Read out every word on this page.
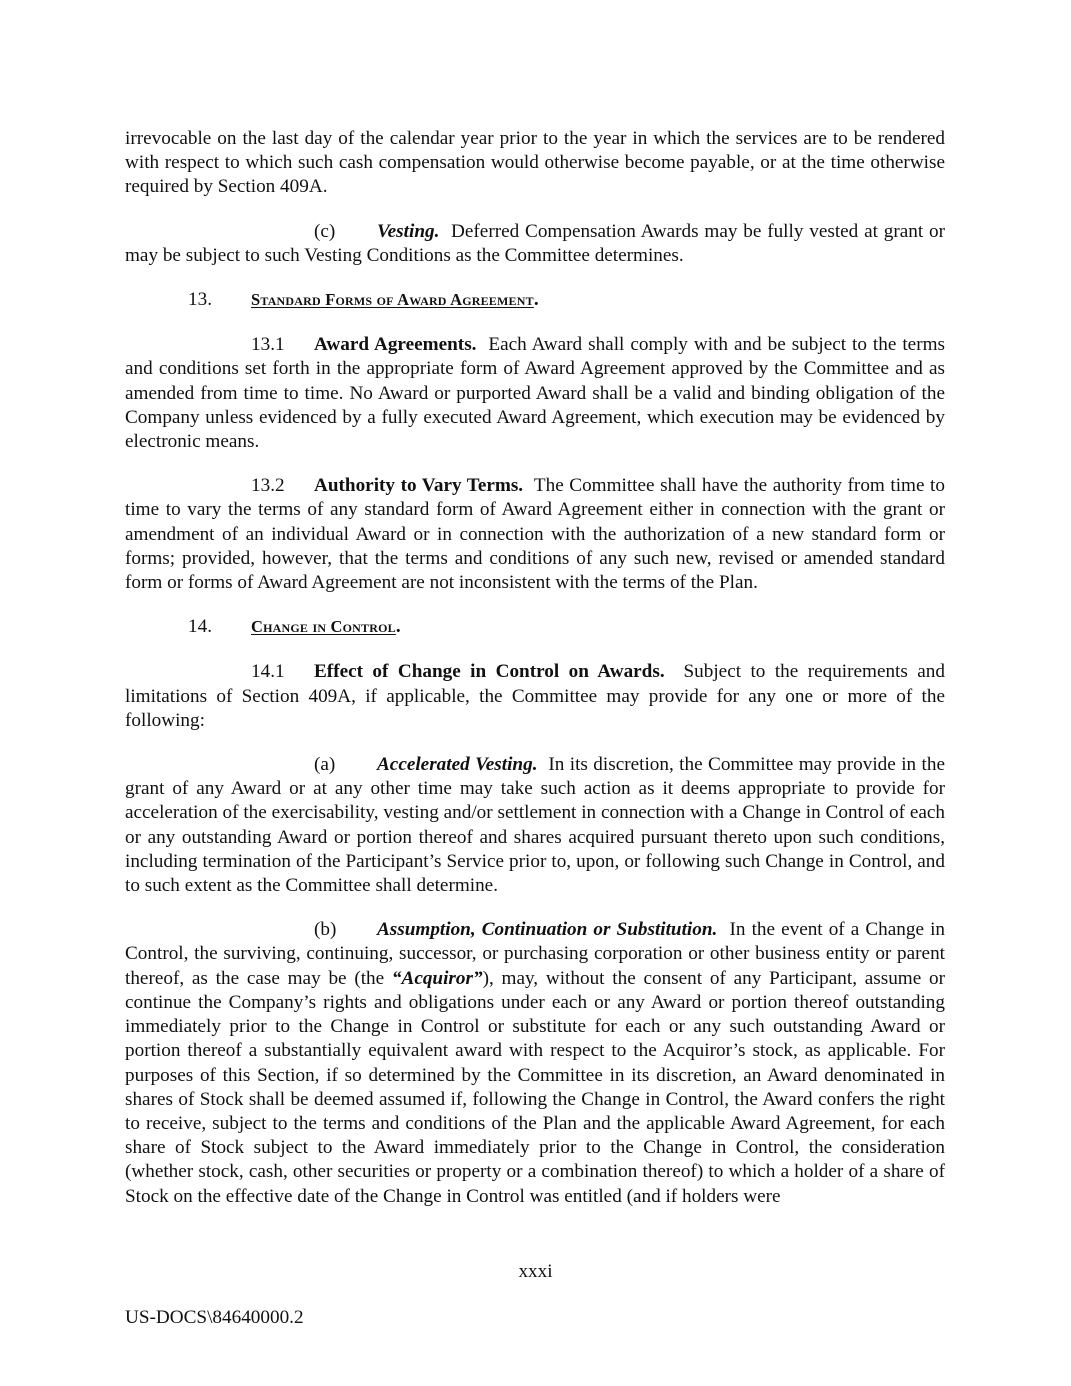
irrevocable on the last day of the calendar year prior to the year in which the services are to be rendered with respect to which such cash compensation would otherwise become payable, or at the time otherwise required by Section 409A.

(c) Vesting. Deferred Compensation Awards may be fully vested at grant or may be subject to such Vesting Conditions as the Committee determines.

13. Standard Forms of Award Agreement.

13.1 Award Agreements. Each Award shall comply with and be subject to the terms and conditions set forth in the appropriate form of Award Agreement approved by the Committee and as amended from time to time. No Award or purported Award shall be a valid and binding obligation of the Company unless evidenced by a fully executed Award Agreement, which execution may be evidenced by electronic means.

13.2 Authority to Vary Terms. The Committee shall have the authority from time to time to vary the terms of any standard form of Award Agreement either in connection with the grant or amendment of an individual Award or in connection with the authorization of a new standard form or forms; provided, however, that the terms and conditions of any such new, revised or amended standard form or forms of Award Agreement are not inconsistent with the terms of the Plan.

14. Change in Control.

14.1 Effect of Change in Control on Awards. Subject to the requirements and limitations of Section 409A, if applicable, the Committee may provide for any one or more of the following:

(a) Accelerated Vesting. In its discretion, the Committee may provide in the grant of any Award or at any other time may take such action as it deems appropriate to provide for acceleration of the exercisability, vesting and/or settlement in connection with a Change in Control of each or any outstanding Award or portion thereof and shares acquired pursuant thereto upon such conditions, including termination of the Participant’s Service prior to, upon, or following such Change in Control, and to such extent as the Committee shall determine.

(b) Assumption, Continuation or Substitution. In the event of a Change in Control, the surviving, continuing, successor, or purchasing corporation or other business entity or parent thereof, as the case may be (the “Acquiror”), may, without the consent of any Participant, assume or continue the Company’s rights and obligations under each or any Award or portion thereof outstanding immediately prior to the Change in Control or substitute for each or any such outstanding Award or portion thereof a substantially equivalent award with respect to the Acquiror’s stock, as applicable. For purposes of this Section, if so determined by the Committee in its discretion, an Award denominated in shares of Stock shall be deemed assumed if, following the Change in Control, the Award confers the right to receive, subject to the terms and conditions of the Plan and the applicable Award Agreement, for each share of Stock subject to the Award immediately prior to the Change in Control, the consideration (whether stock, cash, other securities or property or a combination thereof) to which a holder of a share of Stock on the effective date of the Change in Control was entitled (and if holders were

xxxi
US-DOCS\84640000.2
